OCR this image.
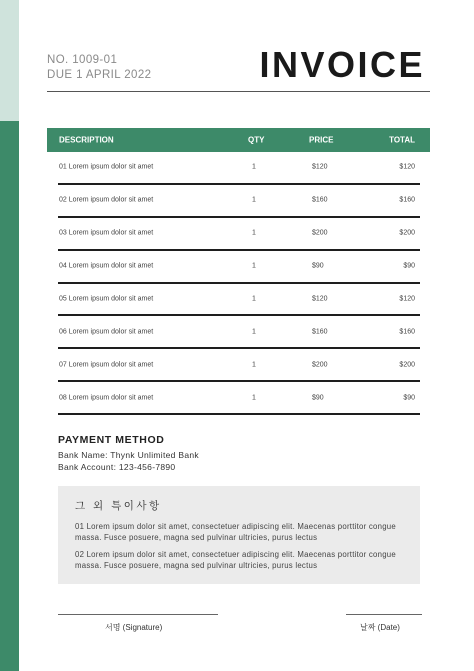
NO. 1009-01
DUE 1 APRIL 2022	INVOICE
DESCRIPTION	QTY	PRICE	TOTAL
01 Lorem ipsum dolor sit amet	1	$120	$120
02 Lorem ipsum dolor sit amet	1	$160	$160
03 Lorem ipsum dolor sit amet	1	$200	$200
04 Lorem ipsum dolor sit amet	1	$90	$90
05 Lorem ipsum dolor sit amet	1	$120	$120
06 Lorem ipsum dolor sit amet	1	$160	$160
07 Lorem ipsum dolor sit amet	1	$200	$200
08 Lorem ipsum dolor sit amet	1	$90	$90
PAYMENT METHOD
Bank Name: Thynk Unlimited Bank
Bank Account: 123-456-7890
그 외 특이사항
01 Lorem ipsum dolor sit amet, consectetuer adipiscing elit. Maecenas porttitor congue massa. Fusce posuere, magna sed pulvinar ultricies, purus lectus
02 Lorem ipsum dolor sit amet, consectetuer adipiscing elit. Maecenas porttitor congue massa. Fusce posuere, magna sed pulvinar ultricies, purus lectus
서명 (Signature)	날짜 (Date)
